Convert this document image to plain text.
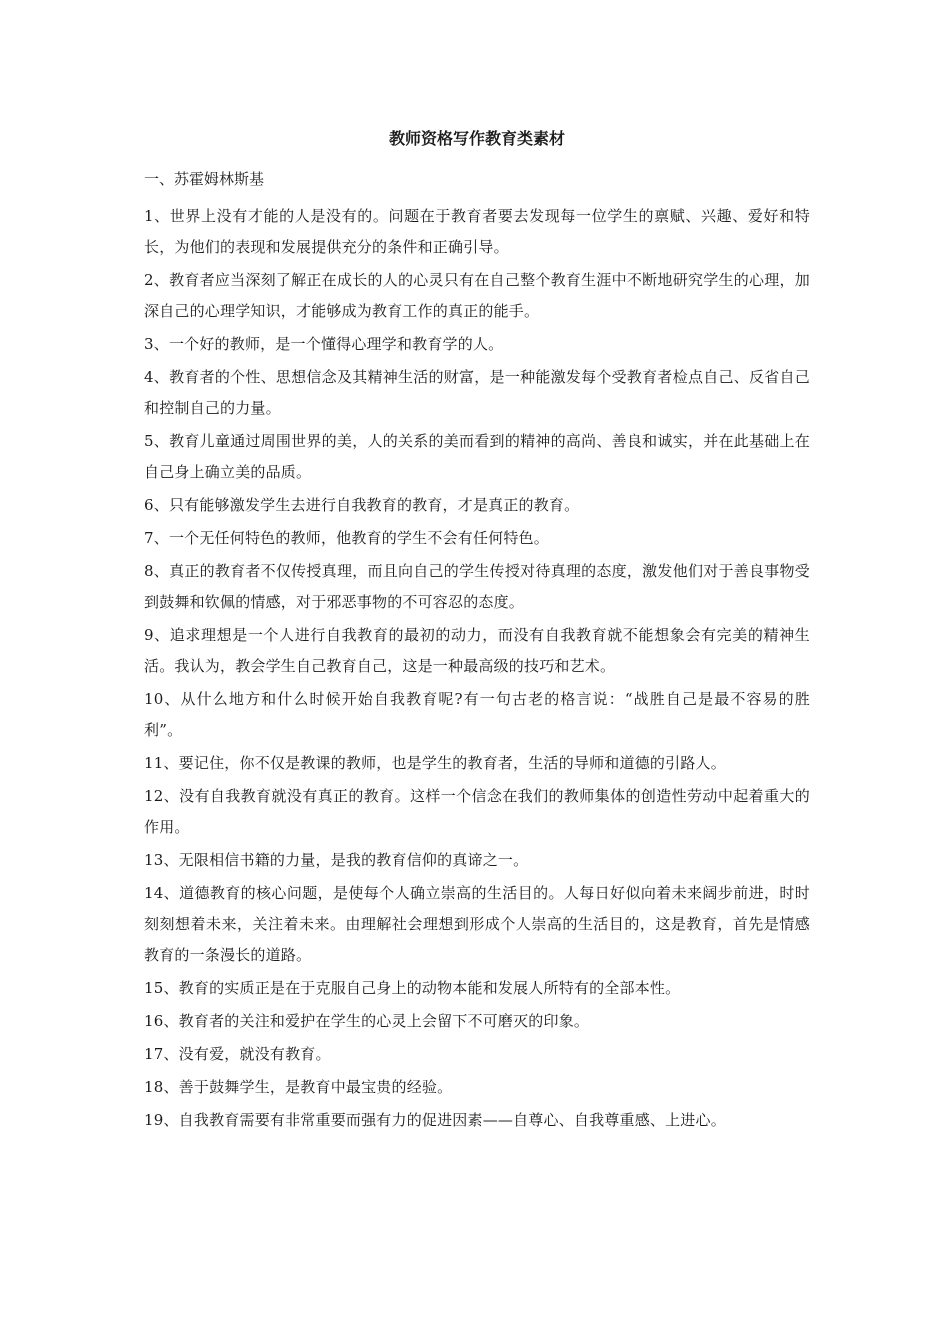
教师资格写作教育类素材

一、苏霍姆林斯基

1、世界上没有才能的人是没有的。问题在于教育者要去发现每一位学生的禀赋、兴趣、爱好和特长，为他们的表现和发展提供充分的条件和正确引导。
2、教育者应当深刻了解正在成长的人的心灵只有在自己整个教育生涯中不断地研究学生的心理，加深自己的心理学知识，才能够成为教育工作的真正的能手。
3、一个好的教师，是一个懂得心理学和教育学的人。
4、教育者的个性、思想信念及其精神生活的财富，是一种能激发每个受教育者检点自己、反省自己和控制自己的力量。
5、教育儿童通过周围世界的美，人的关系的美而看到的精神的高尚、善良和诚实，并在此基础上在自己身上确立美的品质。
6、只有能够激发学生去进行自我教育的教育，才是真正的教育。
7、一个无任何特色的教师，他教育的学生不会有任何特色。
8、真正的教育者不仅传授真理，而且向自己的学生传授对待真理的态度，激发他们对于善良事物受到鼓舞和钦佩的情感，对于邪恶事物的不可容忍的态度。
9、追求理想是一个人进行自我教育的最初的动力，而没有自我教育就不能想象会有完美的精神生活。我认为，教会学生自己教育自己，这是一种最高级的技巧和艺术。
10、从什么地方和什么时候开始自我教育呢?有一句古老的格言说：“战胜自己是最不容易的胜利”。
11、要记住，你不仅是教课的教师，也是学生的教育者，生活的导师和道德的引路人。
12、没有自我教育就没有真正的教育。这样一个信念在我们的教师集体的创造性劳动中起着重大的作用。
13、无限相信书籍的力量，是我的教育信仰的真谛之一。
14、道德教育的核心问题，是使每个人确立崇高的生活目的。人每日好似向着未来阔步前进，时时刻刻想着未来，关注着未来。由理解社会理想到形成个人崇高的生活目的，这是教育，首先是情感教育的一条漫长的道路。
15、教育的实质正是在于克服自己身上的动物本能和发展人所特有的全部本性。
16、教育者的关注和爱护在学生的心灵上会留下不可磨灭的印象。
17、没有爱，就没有教育。
18、善于鼓舞学生，是教育中最宝贵的经验。
19、自我教育需要有非常重要而强有力的促进因素——自尊心、自我尊重感、上进心。
